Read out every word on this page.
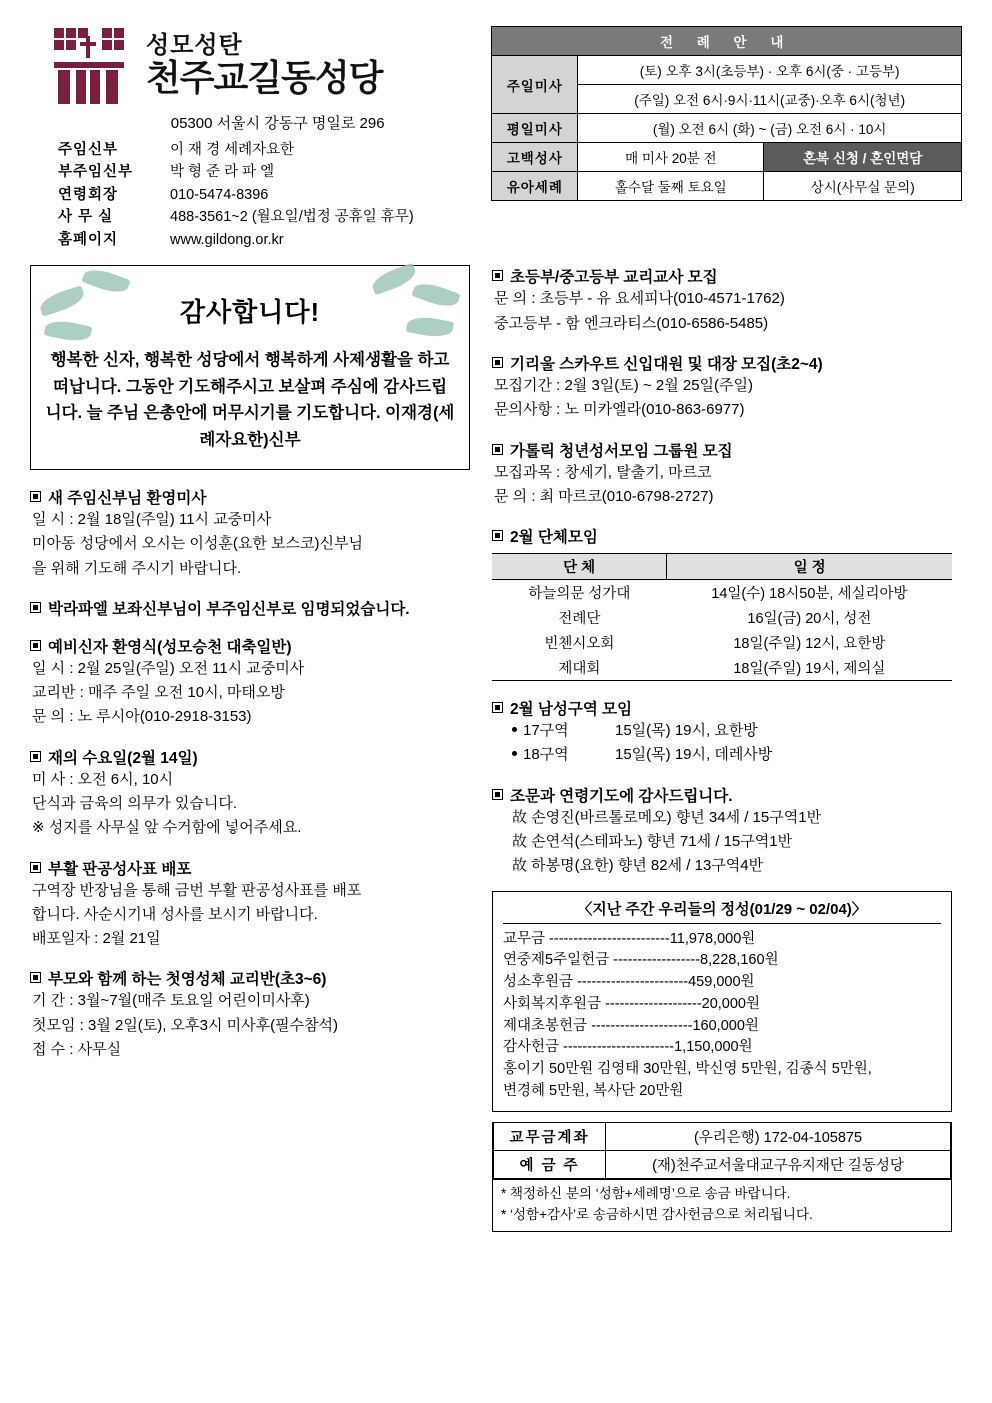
성모성탄
천주교길동성당
05300 서울시 강동구 명일로 296
주임신부	이 재 경 세례자요한
부주임신부	박 형 준 라 파 엘
연령회장	010-5474-8396
사 무 실	488-3561~2 (월요일/법정 공휴일 휴무)
홈페이지	www.gildong.or.kr
전 례 안 내		
주일미사	(토) 오후 3시(초등부) · 오후 6시(중 · 고등부)	
	(주일) 오전 6시·9시·11시(교중)·오후 6시(청년)	
평일미사	(월) 오전 6시 (화) ~ (금) 오전 6시 · 10시	
고백성사	매 미사 20분 전	혼복 신청 / 혼인면담
유아세례	홀수달 둘째 토요일	상시(사무실 문의)
감사합니다!
행복한 신자, 행복한 성당에서 행복하게 사제생활을 하고 떠납니다. 그동안 기도해주시고 보살펴 주심에 감사드립니다. 늘 주님 은총안에 머무시기를 기도합니다. 이재경(세례자요한)신부
새 주임신부님 환영미사
일 시 : 2월 18일(주일) 11시 교중미사
미아동 성당에서 오시는 이성훈(요한 보스코)신부님
을 위해 기도해 주시기 바랍니다.
박라파엘 보좌신부님이 부주임신부로 임명되었습니다.
예비신자 환영식(성모승천 대축일반)
일 시 : 2월 25일(주일) 오전 11시 교중미사
교리반 : 매주 주일 오전 10시, 마태오방
문 의 : 노 루시아(010-2918-3153)
재의 수요일(2월 14일)
미 사 : 오전 6시, 10시
단식과 금육의 의무가 있습니다.
※ 성지를 사무실 앞 수거함에 넣어주세요.
부활 판공성사표 배포
구역장 반장님을 통해 금번 부활 판공성사표를 배포
합니다. 사순시기내 성사를 보시기 바랍니다.
배포일자 : 2월 21일
부모와 함께 하는 첫영성체 교리반(초3~6)
기 간 : 3월~7월(매주 토요일 어린이미사후)
첫모임 : 3월 2일(토), 오후3시 미사후(필수참석)
접 수 : 사무실
초등부/중고등부 교리교사 모집
문 의 : 초등부 - 유 요세피나(010-4571-1762)
중고등부 - 함 엔크라티스(010-6586-5485)
기리울 스카우트 신입대원 및 대장 모집(초2~4)
모집기간 : 2월 3일(토) ~ 2월 25일(주일)
문의사항 : 노 미카엘라(010-863-6977)
가톨릭 청년성서모임 그룹원 모집
모집과목 : 창세기, 탈출기, 마르코
문 의 : 최 마르코(010-6798-2727)
2월 단체모임
단 체	일 정
하늘의문 성가대	14일(수) 18시50분, 세실리아방
전례단	16일(금) 20시, 성전
빈첸시오회	18일(주일) 12시, 요한방
제대회	18일(주일) 19시, 제의실
2월 남성구역 모임
17구역	15일(목) 19시, 요한방
18구역	15일(목) 19시, 데레사방
조문과 연령기도에 감사드립니다.
故 손영진(바르톨로메오) 향년 34세 / 15구역1반
故 손연석(스테파노) 향년 71세 / 15구역1반
故 하봉명(요한) 향년 82세 / 13구역4반
〈지난 주간 우리들의 정성(01/29 ~ 02/04)〉
교무금 -------------------------11,978,000원
연중제5주일헌금 ------------------8,228,160원
성소후원금 -----------------------459,000원
사회복지후원금 --------------------20,000원
제대초봉헌금 ---------------------160,000원
감사헌금 -----------------------1,150,000원
홍이기 50만원 김영태 30만원, 박신영 5만원, 김종식 5만원,
변경혜 5만원, 복사단 20만원
교무금계좌	(우리은행) 172-04-105875
예 금 주	(재)천주교서울대교구유지재단 길동성당
* 책정하신 분의 ‘성함+세례명’으로 송금 바랍니다.
* ‘성함+감사’로 송금하시면 감사헌금으로 처리됩니다.
